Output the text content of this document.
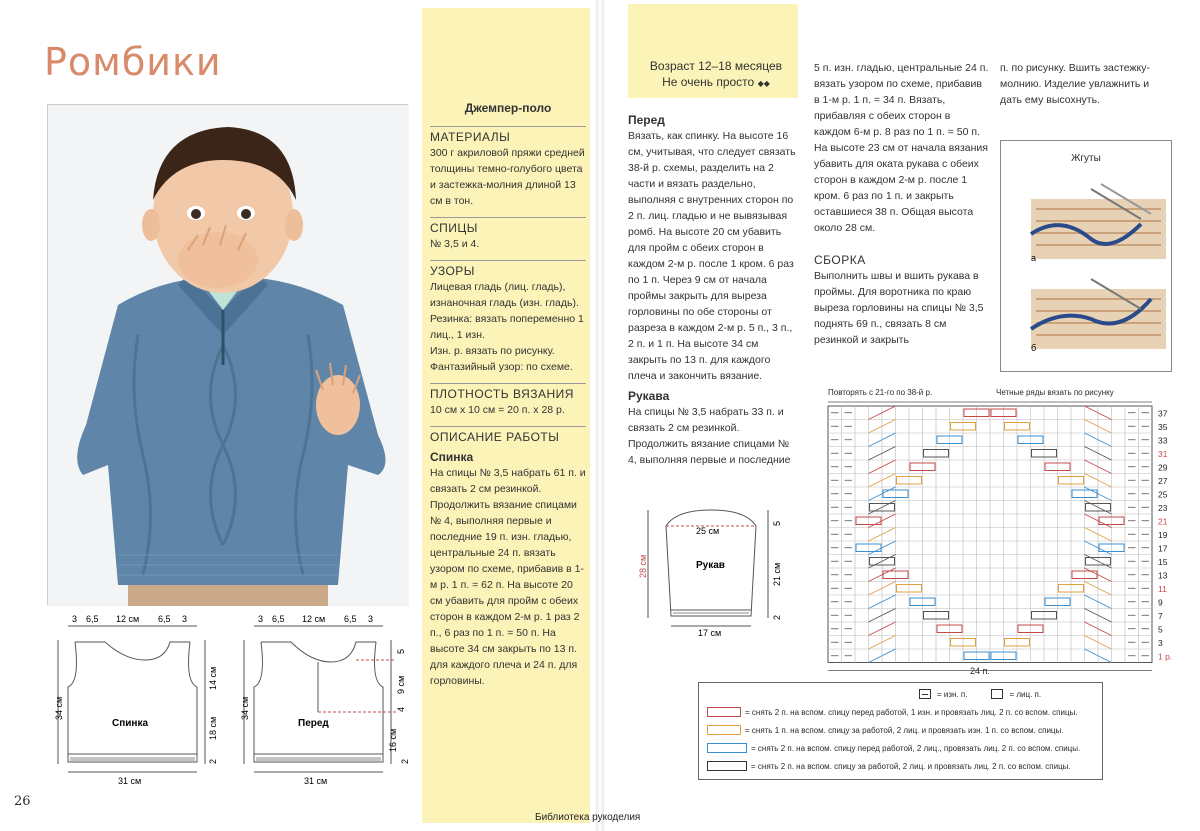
Ромбики
3 6,5 12 см 6,5 3
Спинка
34 см
14 см
18 см
2
31 см
3 6,5 12 см 6,5 3
Перед
34 см
5
9 см
4
16 см
2
31 см
26
Джемпер-поло
МАТЕРИАЛЫ

300 г акриловой пряжи средней толщины темно-голубого цвета и застежка-молния длиной 13 см в тон.

СПИЦЫ

№ 3,5 и 4.

УЗОРЫ

Лицевая гладь (лиц. гладь), изнаночная гладь (изн. гладь).

Резинка: вязать попеременно 1 лиц., 1 изн.

Изн. р. вязать по рисунку.

Фантазийный узор: по схеме.

ПЛОТНОСТЬ ВЯЗАНИЯ

10 см x 10 см = 20 п. x 28 р.

ОПИСАНИЕ РАБОТЫ
Спинка

На спицы № 3,5 набрать 61 п. и связать 2 см резинкой. Продолжить вязание спицами № 4, выполняя первые и последние 19 п. изн. гладью, центральные 24 п. вязать узором по схеме, прибавив в 1-м р. 1 п. = 62 п. На высоте 20 см убавить для пройм с обеих сторон в каждом 2-м р. 1 раз 2 п., 6 раз по 1 п. = 50 п. На высоте 34 см закрыть по 13 п. для каждого плеча и 24 п. для горловины.

Возраст 12–18 месяцев

Не очень просто ◆◆

Перед

Вязать, как спинку. На высоте 16 см, учитывая, что следует связать 38-й р. схемы, разделить на 2 части и вязать раздельно, выполняя с внутренних сторон по 2 п. лиц. гладью и не вывязывая ромб. На высоте 20 см убавить для пройм с обеих сторон в каждом 2-м р. после 1 кром. 6 раз по 1 п. Через 9 см от начала проймы закрыть для выреза горловины по обе стороны от разреза в каждом 2-м р. 5 п., 3 п., 2 п. и 1 п. На высоте 34 см закрыть по 13 п. для каждого плеча и закончить вязание.

Рукава

На спицы № 3,5 набрать 33 п. и связать 2 см резинкой. Продолжить вязание спицами № 4, выполняя первые и последние

5 п. изн. гладью, центральные 24 п. вязать узором по схеме, прибавив в 1-м р. 1 п. = 34 п. Вязать, прибавляя с обеих сторон в каждом 6-м р. 8 раз по 1 п. = 50 п. На высоте 23 см от начала вязания убавить для оката рукава с обеих сторон в каждом 2-м р. после 1 кром. 6 раз по 1 п. и закрыть оставшиеся 38 п. Общая высота около 28 см.

СБОРКА

Выполнить швы и вшить рукава в проймы. Для воротника по краю выреза горловины на спицы № 3,5 поднять 69 п., связать 8 см резинкой и закрыть

п. по рисунку. Вшить застежку-молнию. Изделие увлажнить и дать ему высохнуть.

25 см
Рукав
28 см
5
21 см
2
17 см
Жгуты
а
б
Повторять с 21-го по 38-й р.	Четные ряды вязать по рисунку
37
35
33
31
29
27
25
23
21
19
17
15
13
11
9
7
5
3
1 р.
24 п.
= изн. п.	= лиц. п.
= снять 2 п. на вспом. спицу перед работой, 1 изн. и провязать лиц. 2 п. со вспом. спицы.
= снять 1 п. на вспом. спицу за работой, 2 лиц. и провязать изн. 1 п. со вспом. спицы.
= снять 2 п. на вспом. спицу перед работой, 2 лиц., провязать лиц. 2 п. со вспом. спицы.
= снять 2 п. на вспом. спицу за работой, 2 лиц. и провязать лиц. 2 п. со вспом. спицы.
Библиотека рукоделия
